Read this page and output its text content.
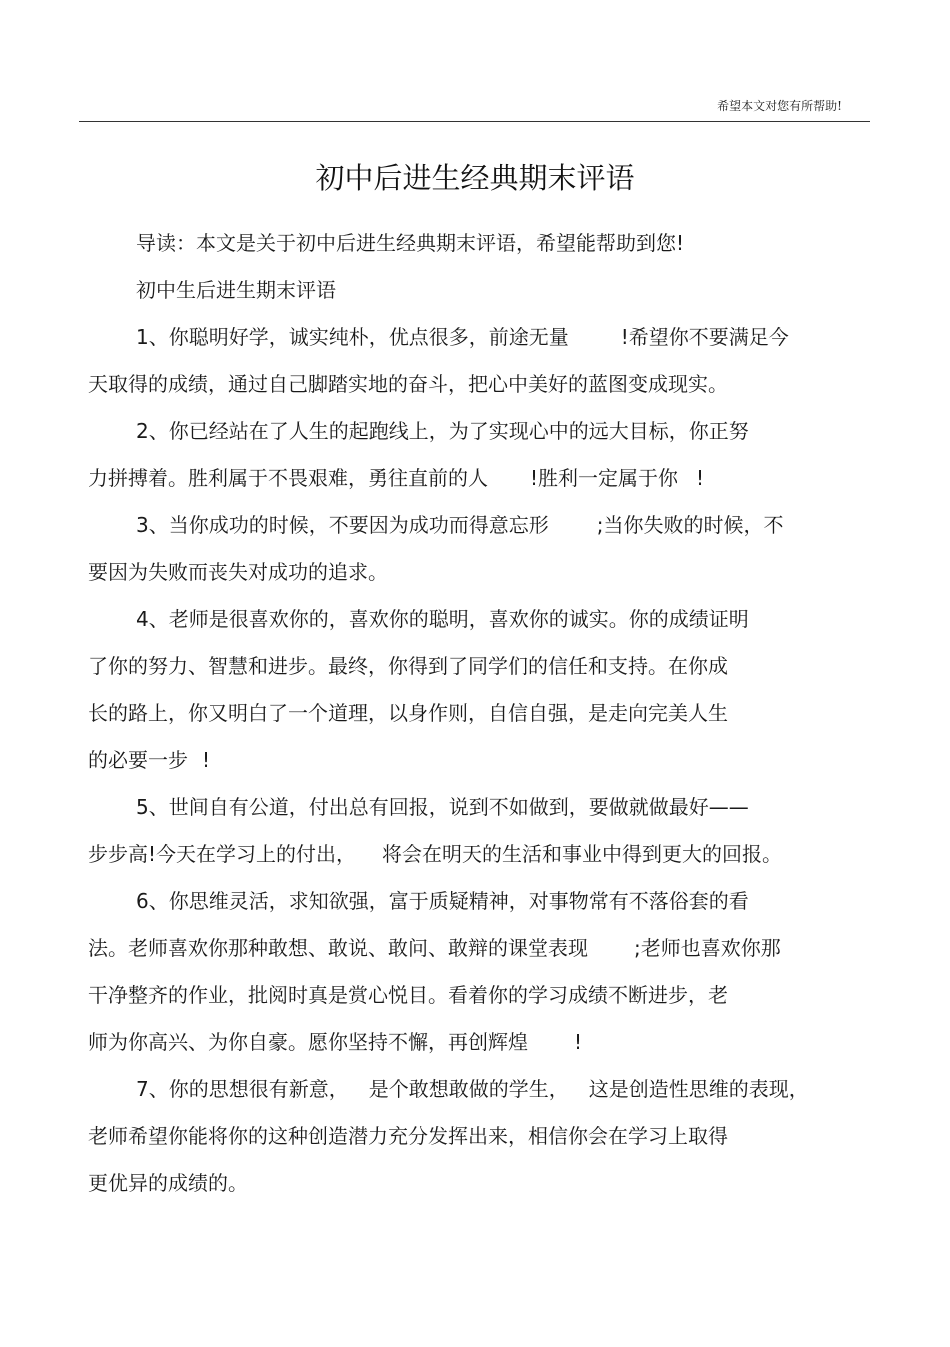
希望本文对您有所帮助!
初中后进生经典期末评语
导读：本文是关于初中后进生经典期末评语，希望能帮助到您!
初中生后进生期末评语
1、你聪明好学，诚实纯朴，优点很多，前途无量	!希望你不要满足今
天取得的成绩，通过自己脚踏实地的奋斗，把心中美好的蓝图变成现实。
2、你已经站在了人生的起跑线上，为了实现心中的远大目标，你正努
力拼搏着。胜利属于不畏艰难，勇往直前的人 !胜利一定属于你 !
3、当你成功的时候，不要因为成功而得意忘形 ;当你失败的时候，不
要因为失败而丧失对成功的追求。
4、老师是很喜欢你的，喜欢你的聪明，喜欢你的诚实。你的成绩证明
了你的努力、智慧和进步。最终，你得到了同学们的信任和支持。在你成
长的路上，你又明白了一个道理，以身作则，自信自强，是走向完美人生
的必要一步 !
5、世间自有公道，付出总有回报，说到不如做到，要做就做最好——
步步高!今天在学习上的付出， 将会在明天的生活和事业中得到更大的回报。
6、你思维灵活，求知欲强，富于质疑精神，对事物常有不落俗套的看
法。老师喜欢你那种敢想、敢说、敢问、敢辩的课堂表现 ;老师也喜欢你那
干净整齐的作业，批阅时真是赏心悦目。看着你的学习成绩不断进步，老
师为你高兴、为你自豪。愿你坚持不懈，再创辉煌 !
7、你的思想很有新意， 是个敢想敢做的学生， 这是创造性思维的表现，
老师希望你能将你的这种创造潜力充分发挥出来，相信你会在学习上取得
更优异的成绩的。
